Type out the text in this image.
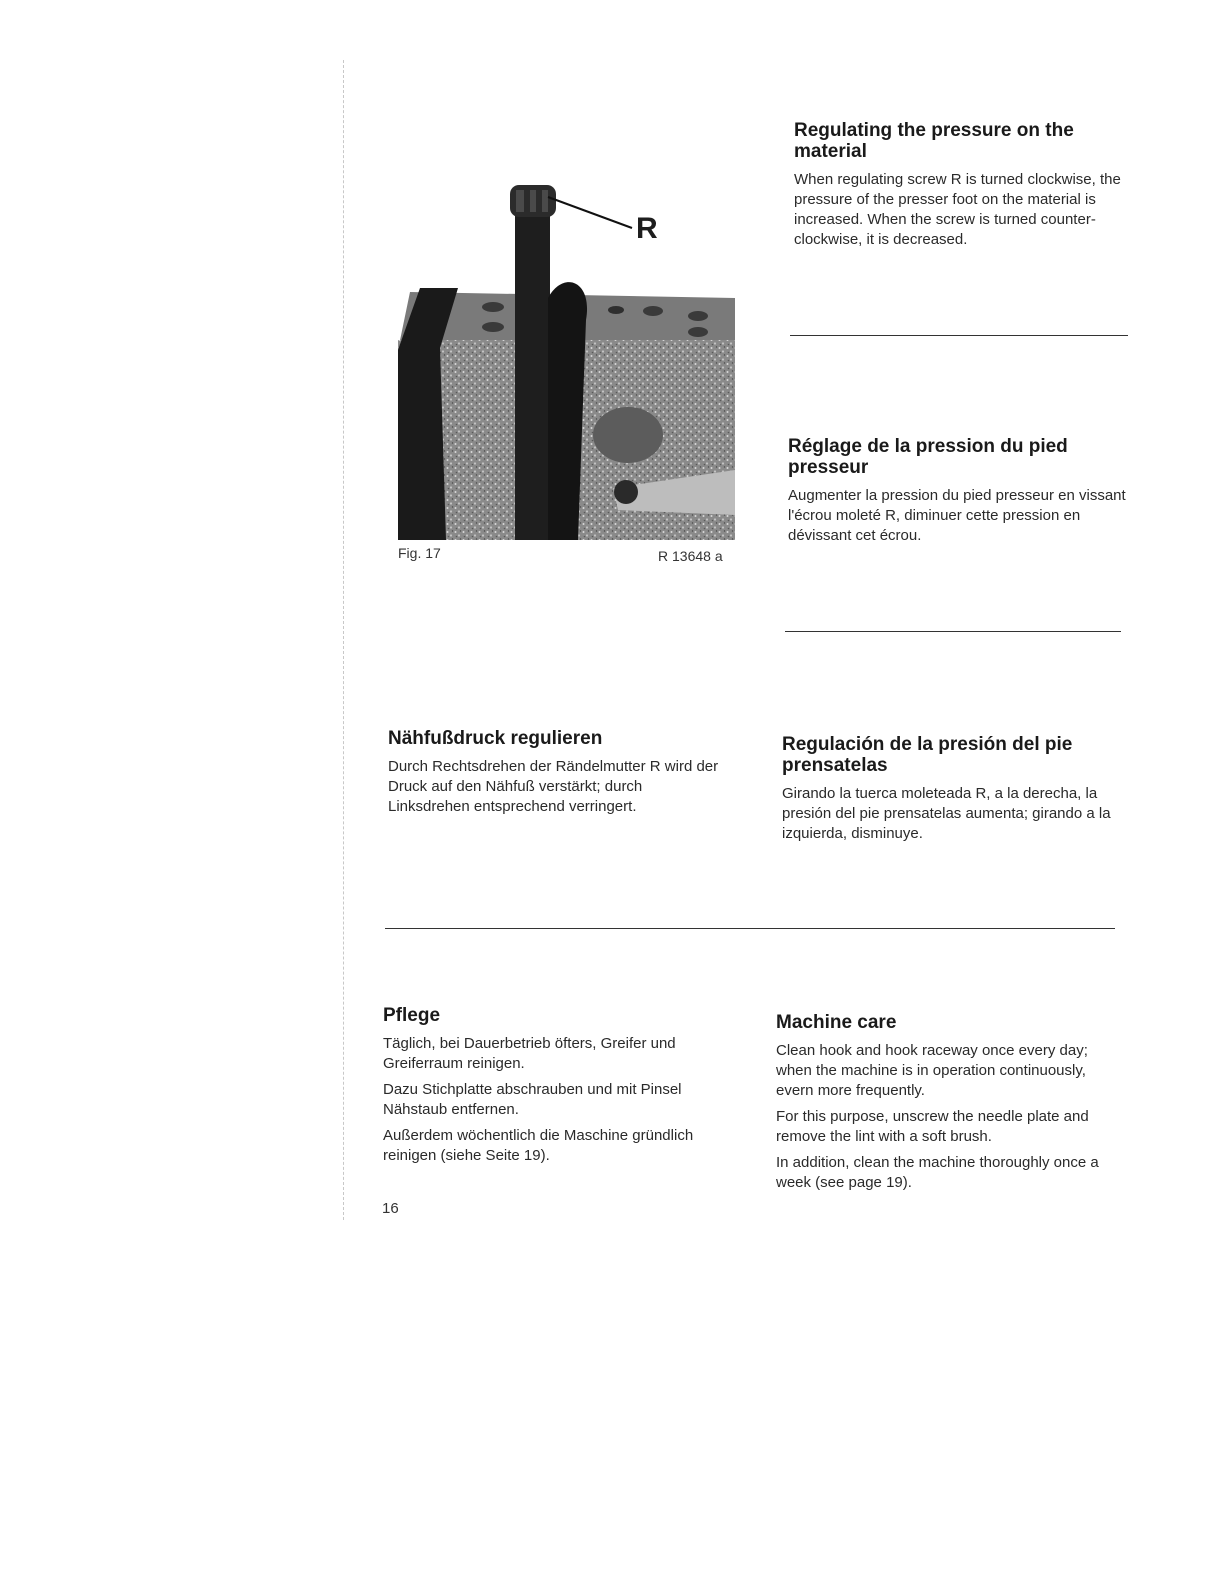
R
Fig. 17	R 13648 a
Regulating the pressure on the material

When regulating screw R is turned clockwise, the pressure of the presser foot on the material is increased. When the screw is turned counter-clockwise, it is decreased.

Réglage de la pression du pied presseur

Augmenter la pression du pied presseur en vissant l'écrou moleté R, diminuer cette pression en dévissant cet écrou.

Nähfußdruck regulieren

Durch Rechtsdrehen der Rändelmutter R wird der Druck auf den Nähfuß verstärkt; durch Linksdrehen entsprechend verringert.

Regulación de la presión del pie prensatelas

Girando la tuerca moleteada R, a la derecha, la presión del pie prensatelas aumenta; girando a la izquierda, disminuye.

Pflege

Täglich, bei Dauerbetrieb öfters, Greifer und Greiferraum reinigen.

Dazu Stichplatte abschrauben und mit Pinsel Nähstaub entfernen.

Außerdem wöchentlich die Maschine gründlich reinigen (siehe Seite 19).

Machine care

Clean hook and hook raceway once every day; when the machine is in operation continuously, evern more frequently.

For this purpose, unscrew the needle plate and remove the lint with a soft brush.

In addition, clean the machine thoroughly once a week (see page 19).

16
